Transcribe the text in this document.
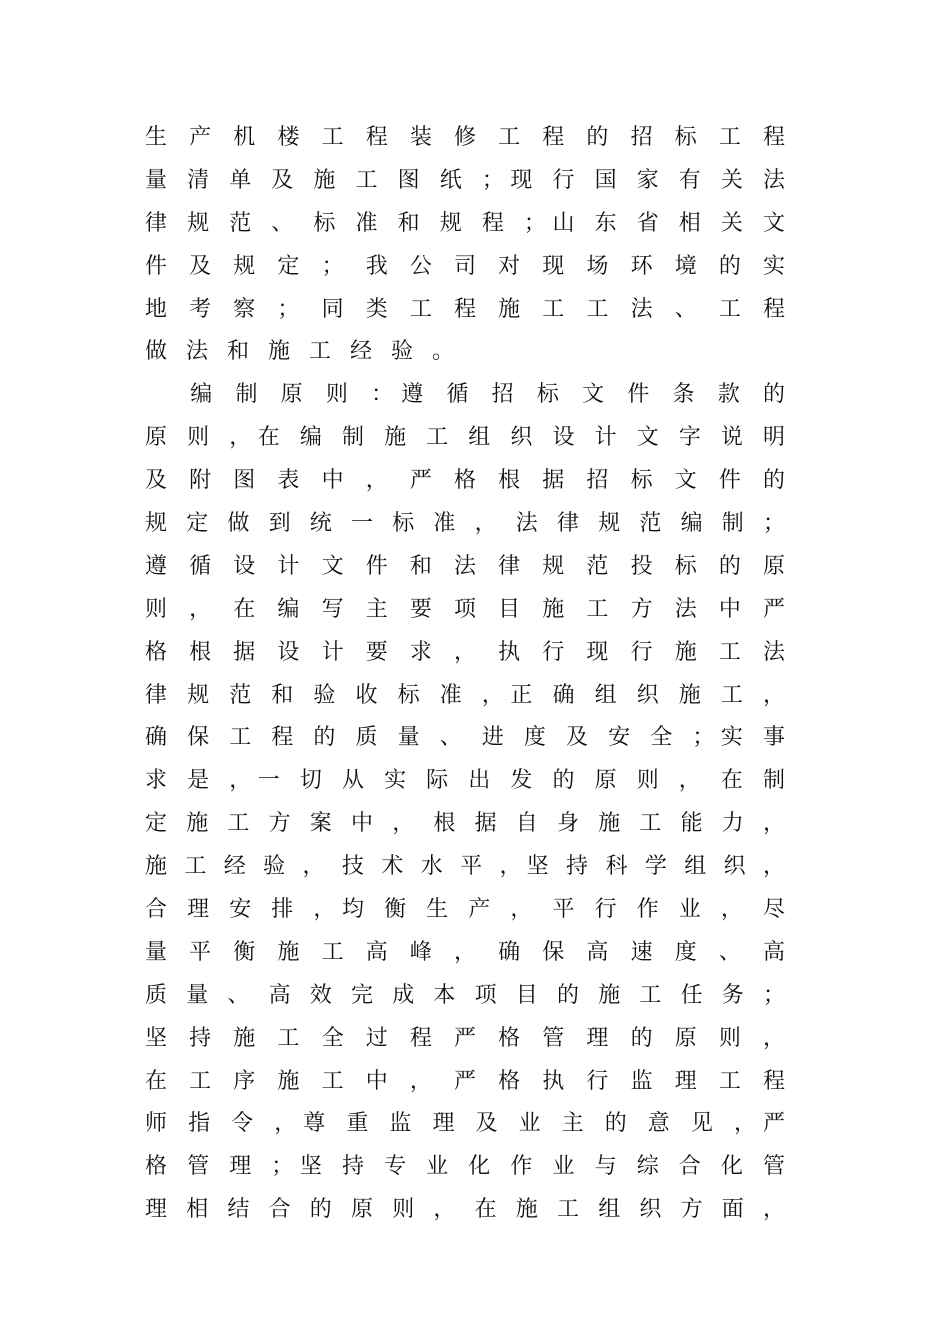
生 产 机 楼 工 程 装 修 工 程 的 招 标 工 程
量 清 单 及 施 工 图 纸 ；现 行 国 家 有 关 法
律 规 范 、 标 准 和 规 程 ；山 东 省 相 关 文
件 及 规 定 ； 我 公 司 对 现 场 环 境 的 实
地 考 察 ； 同 类 工 程 施 工 工 法 、 工 程
做 法 和 施 工 经 验 。
　 编 制 原 则 ：遵 循 招 标 文 件 条 款 的
原 则 ，在 编 制 施 工 组 织 设 计 文 字 说 明
及 附 图 表 中 ， 严 格 根 据 招 标 文 件 的
规 定 做 到 统 一 标 准 ， 法 律 规 范 编 制 ；
遵 循 设 计 文 件 和 法 律 规 范 投 标 的 原
则 ， 在 编 写 主 要 项 目 施 工 方 法 中 严
格 根 据 设 计 要 求 ， 执 行 现 行 施 工 法
律 规 范 和 验 收 标 准 ，正 确 组 织 施 工 ，
确 保 工 程 的 质 量 、 进 度 及 安 全 ；实 事
求 是 ，一 切 从 实 际 出 发 的 原 则 ， 在 制
定 施 工 方 案 中 ， 根 据 自 身 施 工 能 力 ，
施 工 经 验 ， 技 术 水 平 ，坚 持 科 学 组 织 ，
合 理 安 排 ，均 衡 生 产 ， 平 行 作 业 ， 尽
量 平 衡 施 工 高 峰 ， 确 保 高 速 度 、 高
质 量 、 高 效 完 成 本 项 目 的 施 工 任 务 ；
坚 持 施 工 全 过 程 严 格 管 理 的 原 则 ，
在 工 序 施 工 中 ， 严 格 执 行 监 理 工 程
师 指 令 ，尊 重 监 理 及 业 主 的 意 见 ，严
格 管 理 ；坚 持 专 业 化 作 业 与 综 合 化 管
理 相 结 合 的 原 则 ， 在 施 工 组 织 方 面 ，
